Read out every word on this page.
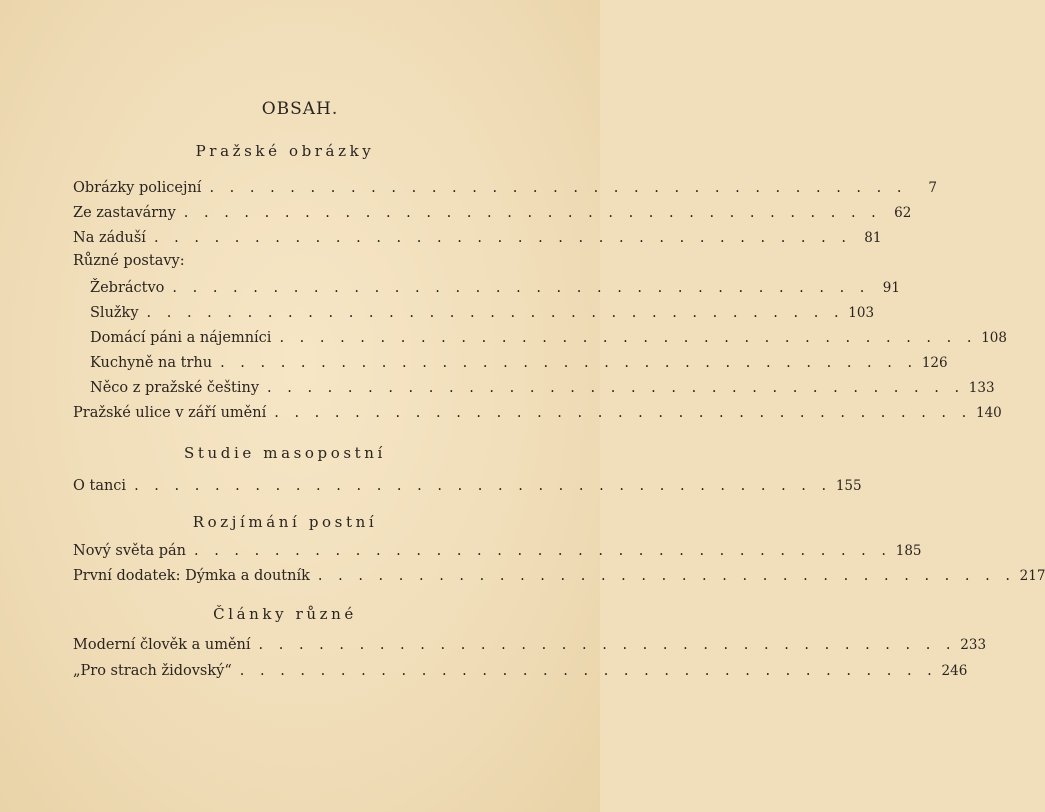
OBSAH.
Pražské obrázky
Obrázky policejní . . . . . . . . . . . . . . . . . . . . . . . . . . . . . . . . . . .	7
Ze zastavárny . . . . . . . . . . . . . . . . . . . . . . . . . . . . . . . . . . . 62
Na záduší . . . . . . . . . . . . . . . . . . . . . . . . . . . . . . . . . . . 81
Různé postavy:
Žebráctvo . . . . . . . . . . . . . . . . . . . . . . . . . . . . . . . . . . . 91
Služky . . . . . . . . . . . . . . . . . . . . . . . . . . . . . . . . . . . 103
Domácí páni a nájemníci . . . . . . . . . . . . . . . . . . . . . . . . . . . . . . . . . . . 108
Kuchyně na trhu . . . . . . . . . . . . . . . . . . . . . . . . . . . . . . . . . . . 126
Něco z pražské češtiny . . . . . . . . . . . . . . . . . . . . . . . . . . . . . . . . . . . 133
Pražské ulice v září umění . . . . . . . . . . . . . . . . . . . . . . . . . . . . . . . . . . . 140
Studie masopostní
O tanci . . . . . . . . . . . . . . . . . . . . . . . . . . . . . . . . . . . 155
Rozjímání postní
Nový světa pán . . . . . . . . . . . . . . . . . . . . . . . . . . . . . . . . . . . 185
První dodatek: Dýmka a doutník . . . . . . . . . . . . . . . . . . . . . . . . . . . . . . . . . . . 217
Články různé
Moderní člověk a umění . . . . . . . . . . . . . . . . . . . . . . . . . . . . . . . . . . . 233
„Pro strach židovský“ . . . . . . . . . . . . . . . . . . . . . . . . . . . . . . . . . . . 246
